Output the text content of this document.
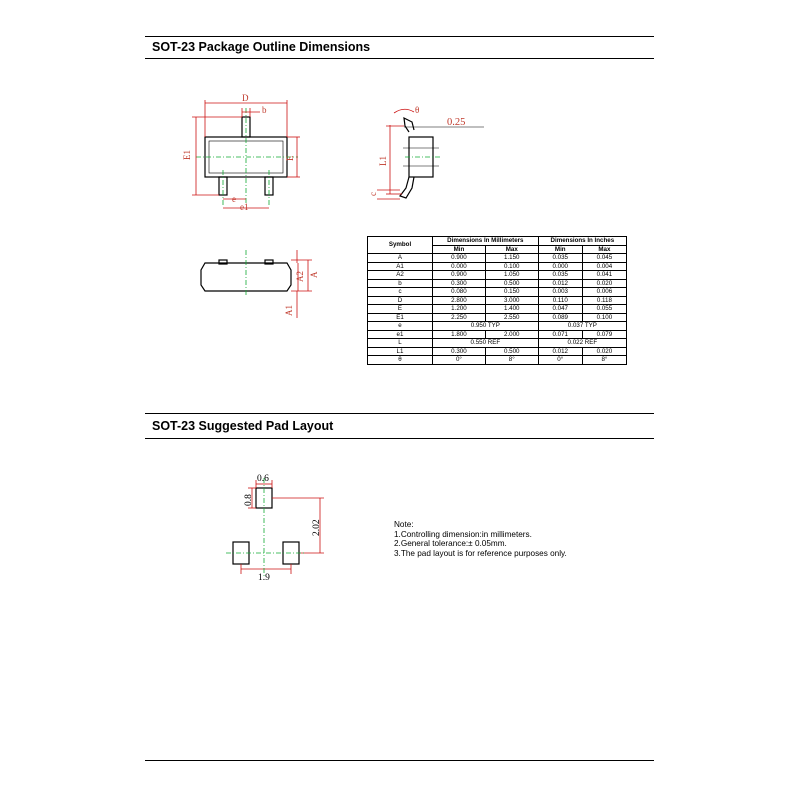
SOT-23 Package Outline Dimensions
D
b
E1	E
e
e1
θ
0.25
L1
c
A2 A
A1
Symbol	Dimensions In Millimeters		Dimensions In Inches	
	Min	Max	Min	Max
A	0.900	1.150	0.035	0.045
A1	0.000	0.100	0.000	0.004
A2	0.900	1.050	0.035	0.041
b	0.300	0.500	0.012	0.020
c	0.080	0.150	0.003	0.006
D	2.800	3.000	0.110	0.118
E	1.200	1.400	0.047	0.055
E1	2.250	2.550	0.089	0.100
e	0.950 TYP		0.037 TYP	
e1	1.800	2.000	0.071	0.079
L	0.550 REF		0.022 REF	
L1	0.300	0.500	0.012	0.020
θ	0°	8°	0°	8°
SOT-23 Suggested Pad Layout
0.6
0.8
2.02
1.9
Note:
1.Controlling dimension:in millimeters.
2.General tolerance:± 0.05mm.
3.The pad layout is for reference purposes only.
